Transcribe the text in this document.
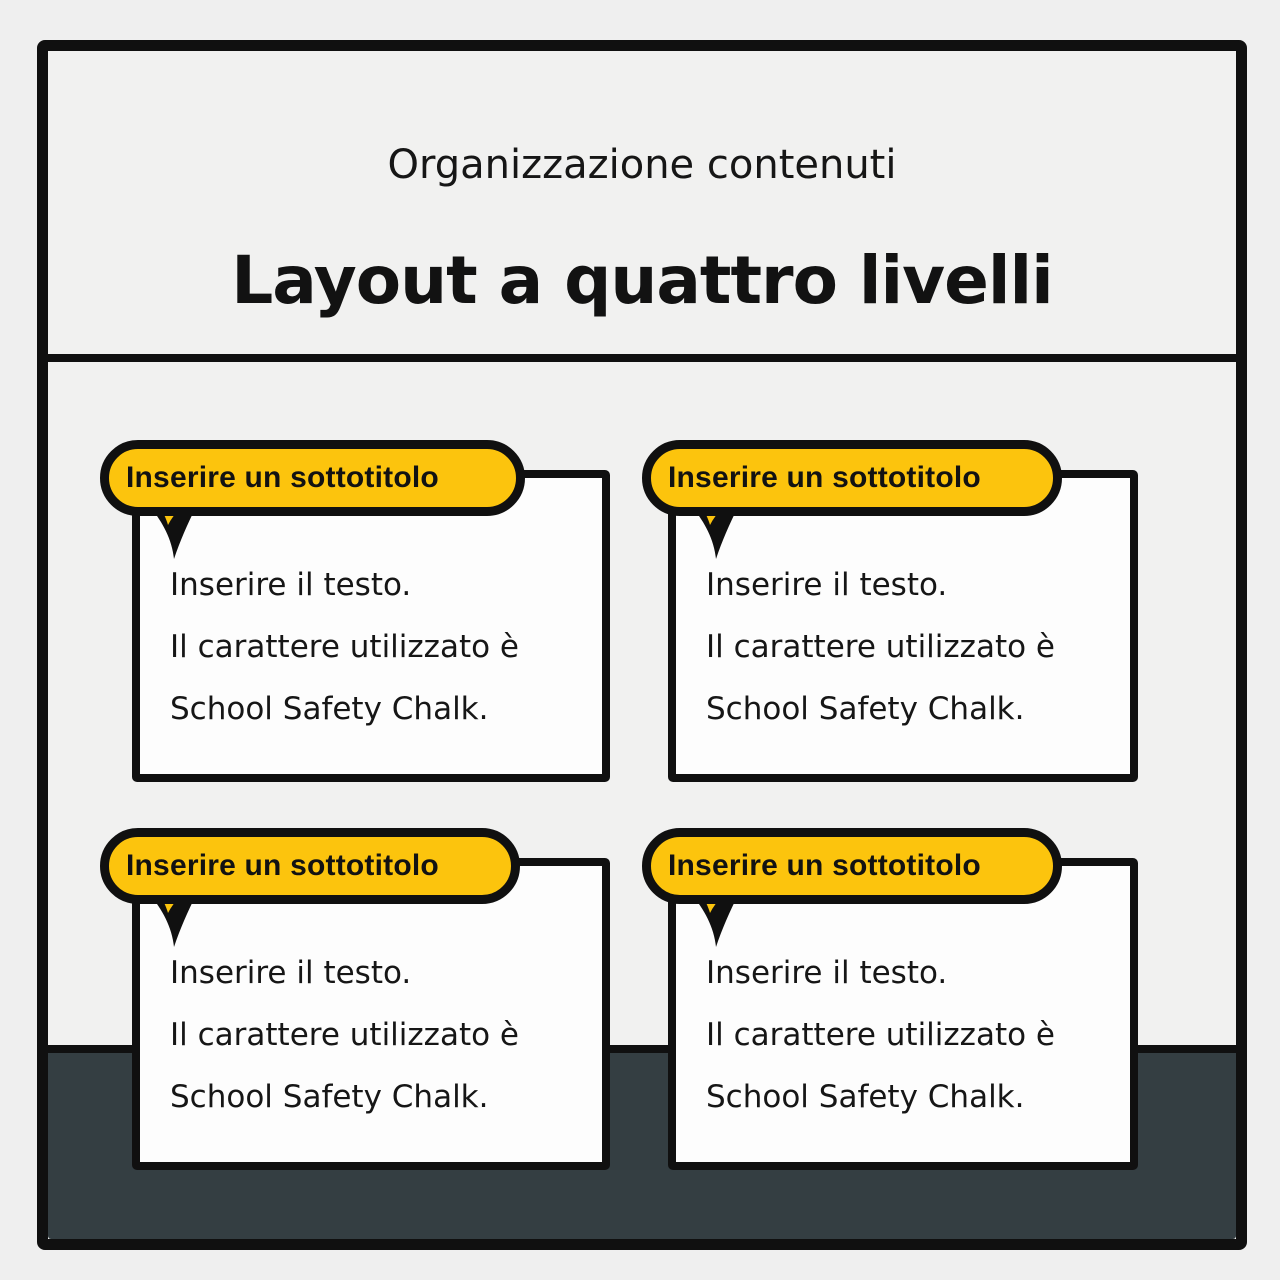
Organizzazione contenuti
Layout a quattro livelli

Inserire il testo.

Il carattere utilizzato è

School Safety Chalk.

Inserire un sottotitolo

Inserire il testo.

Il carattere utilizzato è

School Safety Chalk.

Inserire un sottotitolo

Inserire il testo.

Il carattere utilizzato è

School Safety Chalk.

Inserire un sottotitolo

Inserire il testo.

Il carattere utilizzato è

School Safety Chalk.

Inserire un sottotitolo
